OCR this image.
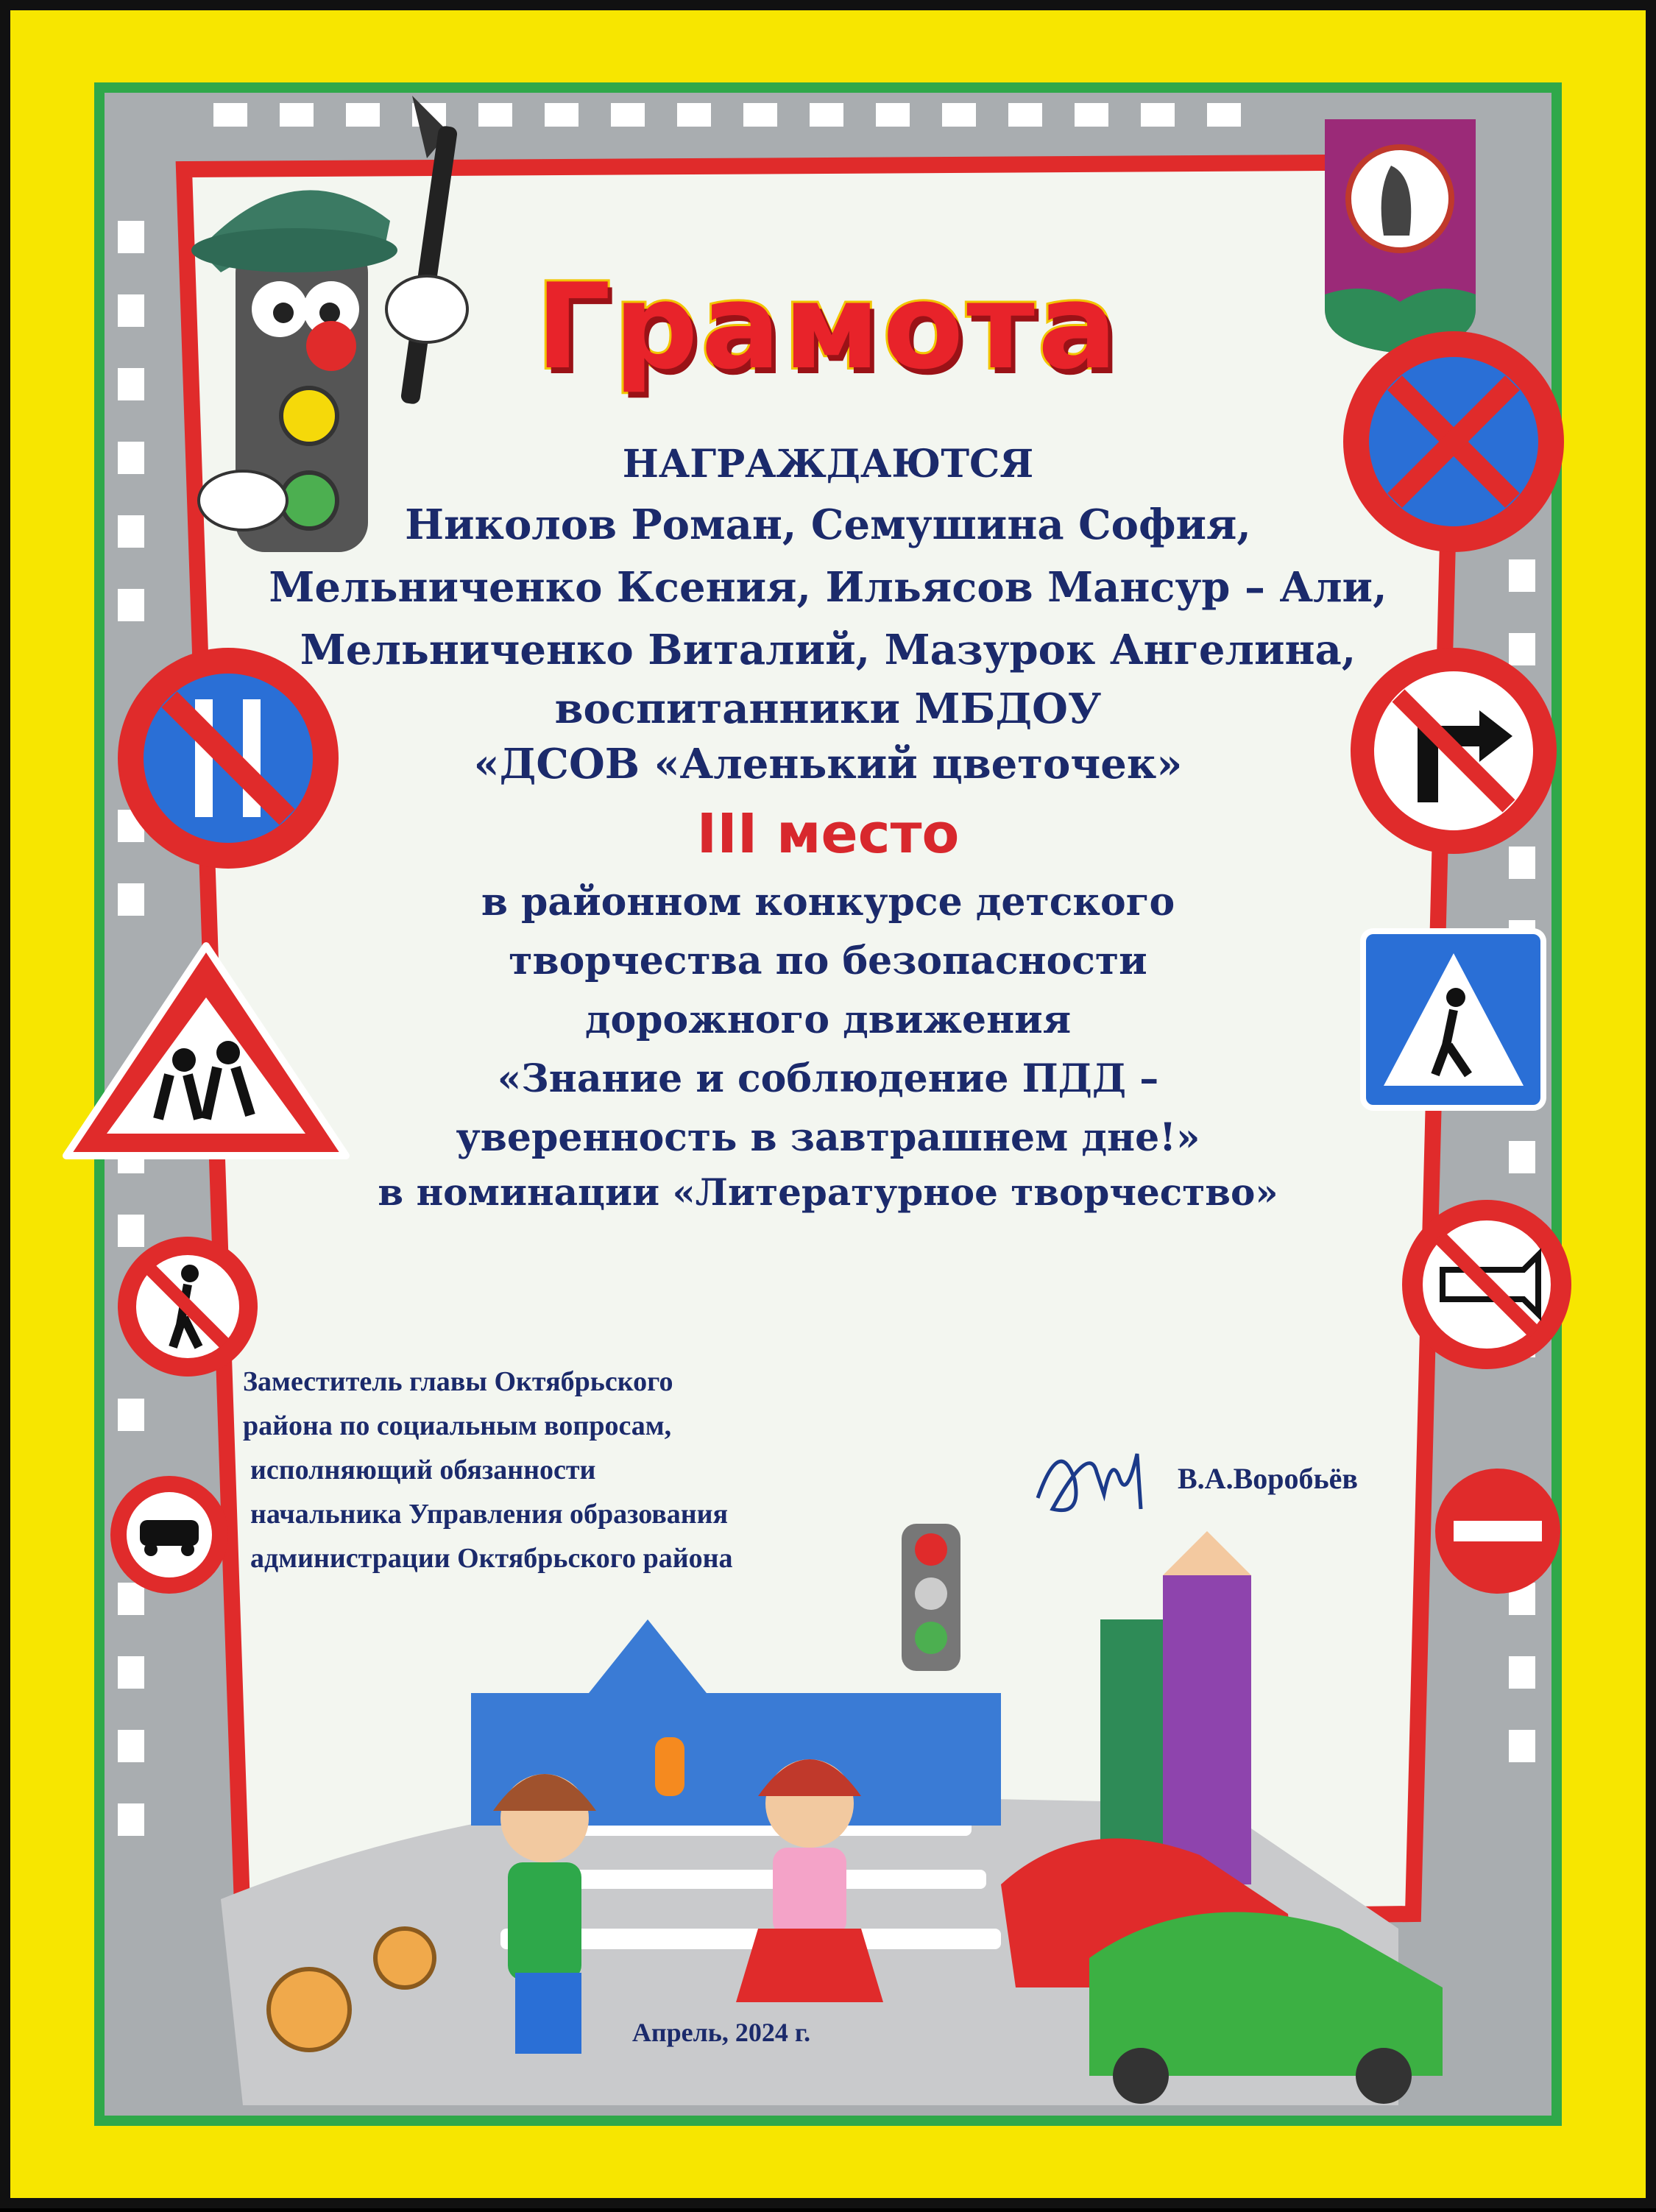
Грамота
НАГРАЖДАЮТСЯ
Николов Роман, Семушина София,
Мельниченко Ксения, Ильясов Мансур – Али,
Мельниченко Виталий, Мазурок Ангелина,
воспитанники МБДОУ
«ДСОВ «Аленький цветочек»
III место
в районном конкурсе детского
творчества по безопасности
дорожного движения
«Знание и соблюдение ПДД –
уверенность в завтрашнем дне!»
в номинации «Литературное творчество»
Заместитель главы Октябрьского
района по социальным вопросам,
исполняющий обязанности
начальника Управления образования
администрации Октябрьского района
В.А.Воробьёв
Апрель, 2024 г.
